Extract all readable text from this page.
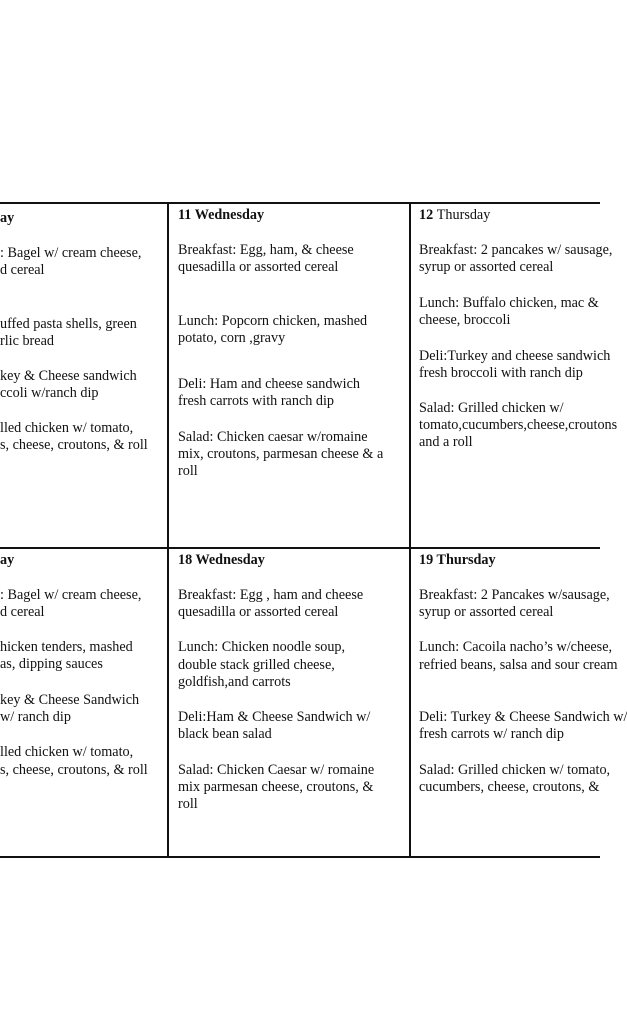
ay
: Bagel w/ cream cheese,
d cereal
uffed pasta shells, green
rlic bread
key & Cheese sandwich
ccoli w/ranch dip
lled chicken w/ tomato,
s, cheese, croutons, & roll
11 Wednesday
Breakfast: Egg, ham, & cheese
quesadilla or assorted cereal
Lunch: Popcorn chicken, mashed
potato, corn ,gravy
Deli: Ham and cheese sandwich
fresh carrots with ranch dip
Salad: Chicken caesar w/romaine
mix, croutons, parmesan cheese & a
roll
12 Thursday
Breakfast: 2 pancakes w/ sausage,
syrup or assorted cereal
Lunch: Buffalo chicken, mac &
cheese, broccoli
Deli:Turkey and cheese sandwich
fresh broccoli with ranch dip
Salad: Grilled chicken w/
tomato,cucumbers,cheese,croutons
and a roll
ay
: Bagel w/ cream cheese,
d cereal
hicken tenders, mashed
as, dipping sauces
key & Cheese Sandwich
w/ ranch dip
lled chicken w/ tomato,
s, cheese, croutons, & roll
18 Wednesday
Breakfast: Egg , ham and cheese
quesadilla or assorted cereal
Lunch: Chicken noodle soup,
double stack grilled cheese,
goldfish,and carrots
Deli:Ham & Cheese Sandwich w/
black bean salad
Salad: Chicken Caesar w/ romaine
mix parmesan cheese, croutons, &
roll
19 Thursday
Breakfast: 2 Pancakes w/sausage,
syrup or assorted cereal
Lunch: Cacoila nacho’s w/cheese,
refried beans, salsa and sour cream
Deli: Turkey & Cheese Sandwich w/
fresh carrots w/ ranch dip
Salad: Grilled chicken w/ tomato,
cucumbers, cheese, croutons, &
